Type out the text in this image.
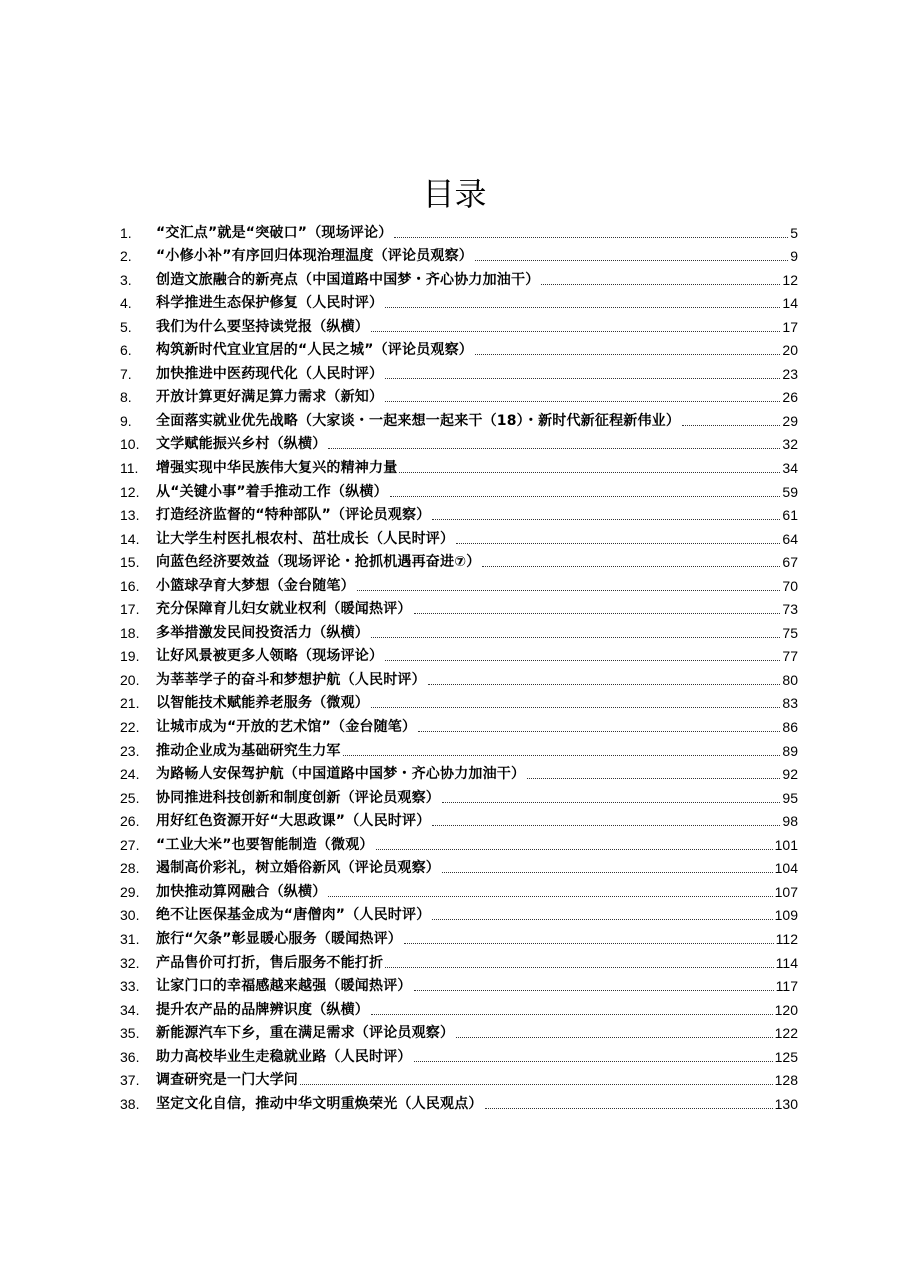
目录
1.	“交汇点”就是“突破口”（现场评论）	5
2.	“小修小补”有序回归体现治理温度（评论员观察）	9
3.	创造文旅融合的新亮点（中国道路中国梦・齐心协力加油干）	12
4.	科学推进生态保护修复（人民时评）	14
5.	我们为什么要坚持读党报（纵横）	17
6.	构筑新时代宜业宜居的“人民之城”（评论员观察）	20
7.	加快推进中医药现代化（人民时评）	23
8.	开放计算更好满足算力需求（新知）	26
9.	全面落实就业优先战略（大家谈・一起来想一起来干（18）・新时代新征程新伟业）	29
10.	文学赋能振兴乡村（纵横）	32
11.	增强实现中华民族伟大复兴的精神力量	34
12.	从“关键小事”着手推动工作（纵横）	59
13.	打造经济监督的“特种部队”（评论员观察）	61
14.	让大学生村医扎根农村、茁壮成长（人民时评）	64
15.	向蓝色经济要效益（现场评论・抢抓机遇再奋进⑦）	67
16.	小篮球孕育大梦想（金台随笔）	70
17.	充分保障育儿妇女就业权利（暖闻热评）	73
18.	多举措激发民间投资活力（纵横）	75
19.	让好风景被更多人领略（现场评论）	77
20.	为莘莘学子的奋斗和梦想护航（人民时评）	80
21.	以智能技术赋能养老服务（微观）	83
22.	让城市成为“开放的艺术馆”（金台随笔）	86
23.	推动企业成为基础研究生力军	89
24.	为路畅人安保驾护航（中国道路中国梦・齐心协力加油干）	92
25.	协同推进科技创新和制度创新（评论员观察）	95
26.	用好红色资源开好“大思政课”（人民时评）	98
27.	“工业大米”也要智能制造（微观）	101
28.	遏制高价彩礼，树立婚俗新风（评论员观察）	104
29.	加快推动算网融合（纵横）	107
30.	绝不让医保基金成为“唐僧肉”（人民时评）	109
31.	旅行“欠条”彰显暖心服务（暖闻热评）	112
32.	产品售价可打折，售后服务不能打折	114
33.	让家门口的幸福感越来越强（暖闻热评）	117
34.	提升农产品的品牌辨识度（纵横）	120
35.	新能源汽车下乡，重在满足需求（评论员观察）	122
36.	助力高校毕业生走稳就业路（人民时评）	125
37.	调查研究是一门大学问	128
38.	坚定文化自信，推动中华文明重焕荣光（人民观点）	130
